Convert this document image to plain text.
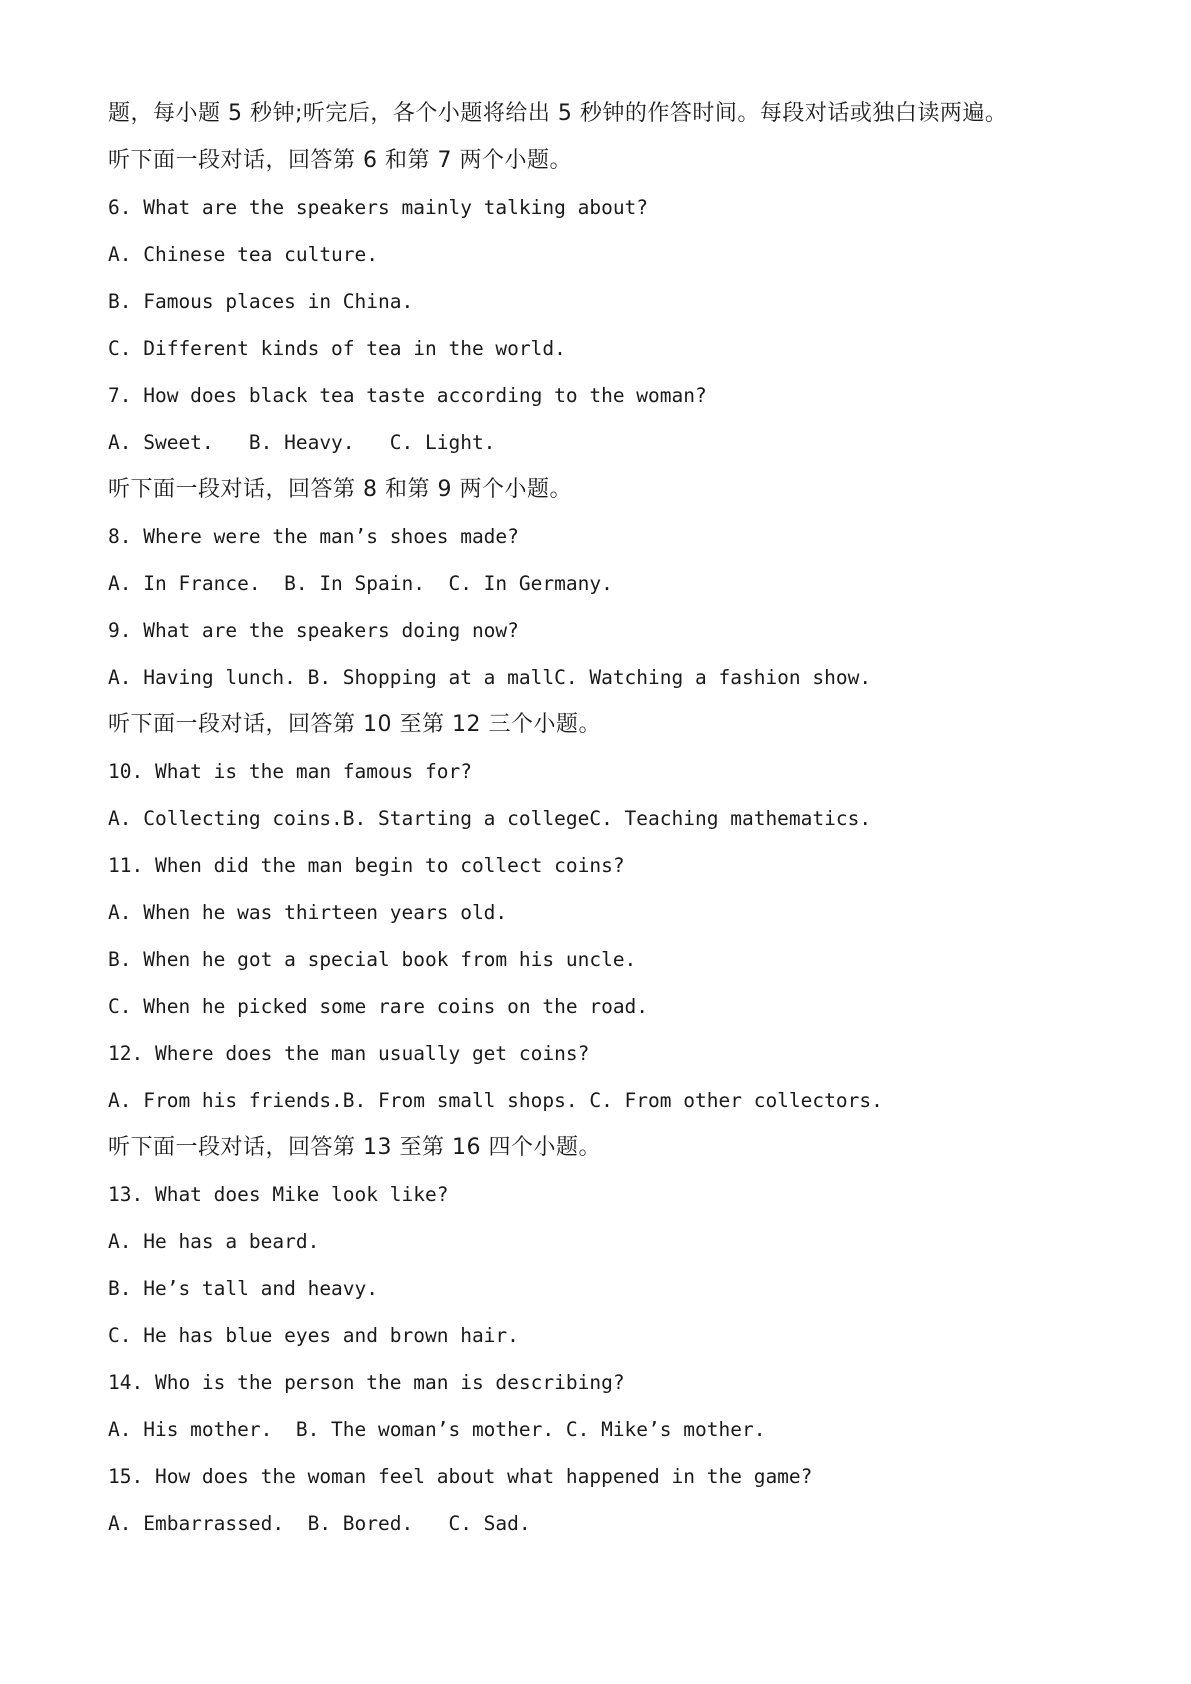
题，每小题 5 秒钟;听完后，各个小题将给出 5 秒钟的作答时间。每段对话或独白读两遍。
听下面一段对话，回答第 6 和第 7 两个小题。
6. What are the speakers mainly talking about?
A. Chinese tea culture.
B. Famous places in China.
C. Different kinds of tea in the world.
7. How does black tea taste according to the woman?
A. Sweet.   B. Heavy.   C. Light.
听下面一段对话，回答第 8 和第 9 两个小题。
8. Where were the man’s shoes made?
A. In France.  B. In Spain.  C. In Germany.
9. What are the speakers doing now?
A. Having lunch. B. Shopping at a mallC. Watching a fashion show.
听下面一段对话，回答第 10 至第 12 三个小题。
10. What is the man famous for?
A. Collecting coins.B. Starting a collegeC. Teaching mathematics.
11. When did the man begin to collect coins?
A. When he was thirteen years old.
B. When he got a special book from his uncle.
C. When he picked some rare coins on the road.
12. Where does the man usually get coins?
A. From his friends.B. From small shops. C. From other collectors.
听下面一段对话，回答第 13 至第 16 四个小题。
13. What does Mike look like?
A. He has a beard.
B. He’s tall and heavy.
C. He has blue eyes and brown hair.
14. Who is the person the man is describing?
A. His mother.  B. The woman’s mother. C. Mike’s mother.
15. How does the woman feel about what happened in the game?
A. Embarrassed.  B. Bored.   C. Sad.
